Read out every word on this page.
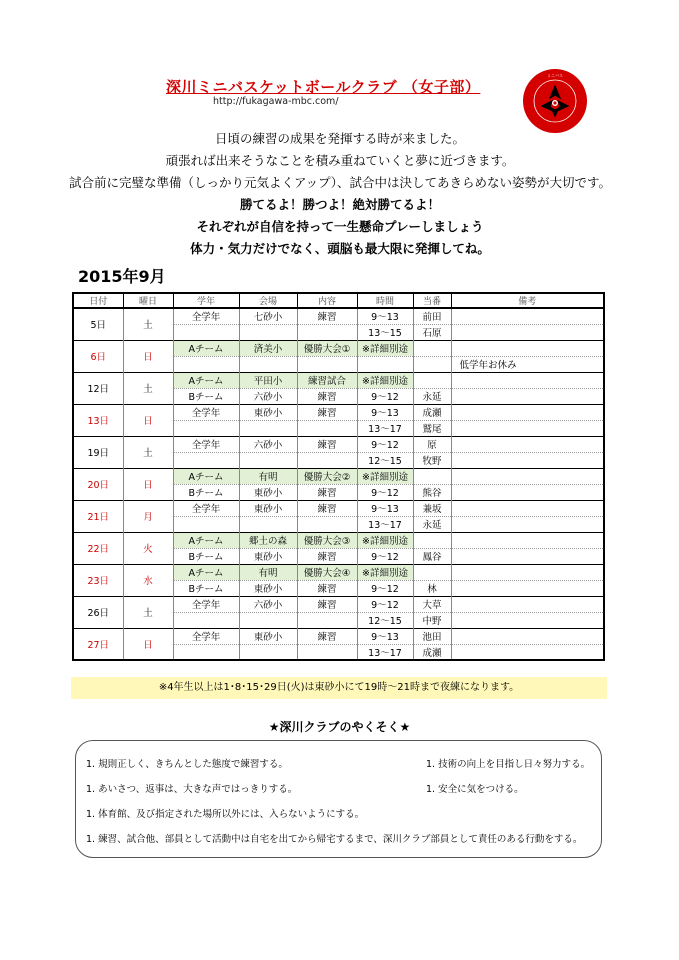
深川ミニバスケットボールクラブ （女子部）
http://fukagawa-mbc.com/
ミニバス
日頃の練習の成果を発揮する時が来ました。
頑張れば出来そうなことを積み重ねていくと夢に近づきます。
試合前に完璧な準備（しっかり元気よくアップ）、試合中は決してあきらめない姿勢が大切です。
勝てるよ！勝つよ！絶対勝てるよ！
それぞれが自信を持って一生懸命プレーしましょう
体力・気力だけでなく、頭脳も最大限に発揮してね。
2015年9月
日付	曜日	学年	会場	内容	時間	当番	備考
5日	土	全学年	七砂小	練習	9～13	前田	
					13～15	石原	
6日	日	Aチーム	済美小	優勝大会①	※詳細別途		
							低学年お休み
12日	土	Aチーム	平田小	練習試合	※詳細別途		
		Bチーム	六砂小	練習	9～12	永延	
13日	日	全学年	東砂小	練習	9～13	成瀬	
					13～17	鷲尾	
19日	土	全学年	六砂小	練習	9～12	原	
					12～15	牧野	
20日	日	Aチーム	有明	優勝大会②	※詳細別途		
		Bチーム	東砂小	練習	9～12	熊谷	
21日	月	全学年	東砂小	練習	9～13	兼坂	
					13～17	永延	
22日	火	Aチーム	郷土の森	優勝大会③	※詳細別途		
		Bチーム	東砂小	練習	9～12	鳳谷	
23日	水	Aチーム	有明	優勝大会④	※詳細別途		
		Bチーム	東砂小	練習	9～12	林	
26日	土	全学年	六砂小	練習	9～12	大草	
					12～15	中野	
27日	日	全学年	東砂小	練習	9～13	池田	
					13～17	成瀬	
※4年生以上は1･8･15･29日(火)は東砂小にて19時～21時まで夜練になります。
★深川クラブのやくそく★
1. 規則正しく、きちんとした態度で練習する。	1. 技術の向上を目指し日々努力する。
1. あいさつ、返事は、大きな声ではっきりする。	1. 安全に気をつける。
1. 体育館、及び指定された場所以外には、入らないようにする。
1. 練習、試合他、部員として活動中は自宅を出てから帰宅するまで、深川クラブ部員として責任のある行動をする。
